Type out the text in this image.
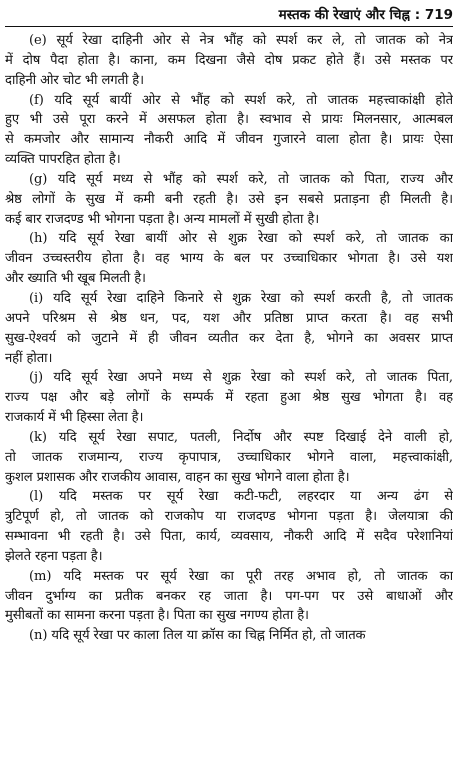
मस्तक की रेखाएं और चिह्न : 719
(e) सूर्य रेखा दाहिनी ओर से नेत्र भौंह को स्पर्श कर ले, तो जातक को नेत्र
में दोष पैदा होता है। काना, कम दिखना जैसे दोष प्रकट होते हैं। उसे मस्तक पर
दाहिनी ओर चोट भी लगती है।
(f) यदि सूर्य बायीं ओर से भौंह को स्पर्श करे, तो जातक महत्त्वाकांक्षी होते
हुए भी उसे पूरा करने में असफल होता है। स्वभाव से प्रायः मिलनसार, आत्मबल
से कमजोर और सामान्य नौकरी आदि में जीवन गुजारने वाला होता है। प्रायः ऐसा
व्यक्ति पापरहित होता है।
(g) यदि सूर्य मध्य से भौंह को स्पर्श करे, तो जातक को पिता, राज्य और
श्रेष्ठ लोगों के सुख में कमी बनी रहती है। उसे इन सबसे प्रताड़ना ही मिलती है।
कई बार राजदण्ड भी भोगना पड़ता है। अन्य मामलों में सुखी होता है।
(h) यदि सूर्य रेखा बायीं ओर से शुक्र रेखा को स्पर्श करे, तो जातक का
जीवन उच्चस्तरीय होता है। वह भाग्य के बल पर उच्चाधिकार भोगता है। उसे यश
और ख्याति भी खूब मिलती है।
(i) यदि सूर्य रेखा दाहिने किनारे से शुक्र रेखा को स्पर्श करती है, तो जातक
अपने परिश्रम से श्रेष्ठ धन, पद, यश और प्रतिष्ठा प्राप्त करता है। वह सभी
सुख-ऐश्वर्य को जुटाने में ही जीवन व्यतीत कर देता है, भोगने का अवसर प्राप्त
नहीं होता।
(j) यदि सूर्य रेखा अपने मध्य से शुक्र रेखा को स्पर्श करे, तो जातक पिता,
राज्य पक्ष और बड़े लोगों के सम्पर्क में रहता हुआ श्रेष्ठ सुख भोगता है। वह
राजकार्य में भी हिस्सा लेता है।
(k) यदि सूर्य रेखा सपाट, पतली, निर्दोष और स्पष्ट दिखाई देने वाली हो,
तो जातक राजमान्य, राज्य कृपापात्र, उच्चाधिकार भोगने वाला, महत्त्वाकांक्षी,
कुशल प्रशासक और राजकीय आवास, वाहन का सुख भोगने वाला होता है।
(l) यदि मस्तक पर सूर्य रेखा कटी-फटी, लहरदार या अन्य ढंग से
त्रुटिपूर्ण हो, तो जातक को राजकोप या राजदण्ड भोगना पड़ता है। जेलयात्रा की
सम्भावना भी रहती है। उसे पिता, कार्य, व्यवसाय, नौकरी आदि में सदैव परेशानियां
झेलते रहना पड़ता है।
(m) यदि मस्तक पर सूर्य रेखा का पूरी तरह अभाव हो, तो जातक का
जीवन दुर्भाग्य का प्रतीक बनकर रह जाता है। पग-पग पर उसे बाधाओं और
मुसीबतों का सामना करना पड़ता है। पिता का सुख नगण्य होता है।
(n) यदि सूर्य रेखा पर काला तिल या क्रॉस का चिह्न निर्मित हो, तो जातक
